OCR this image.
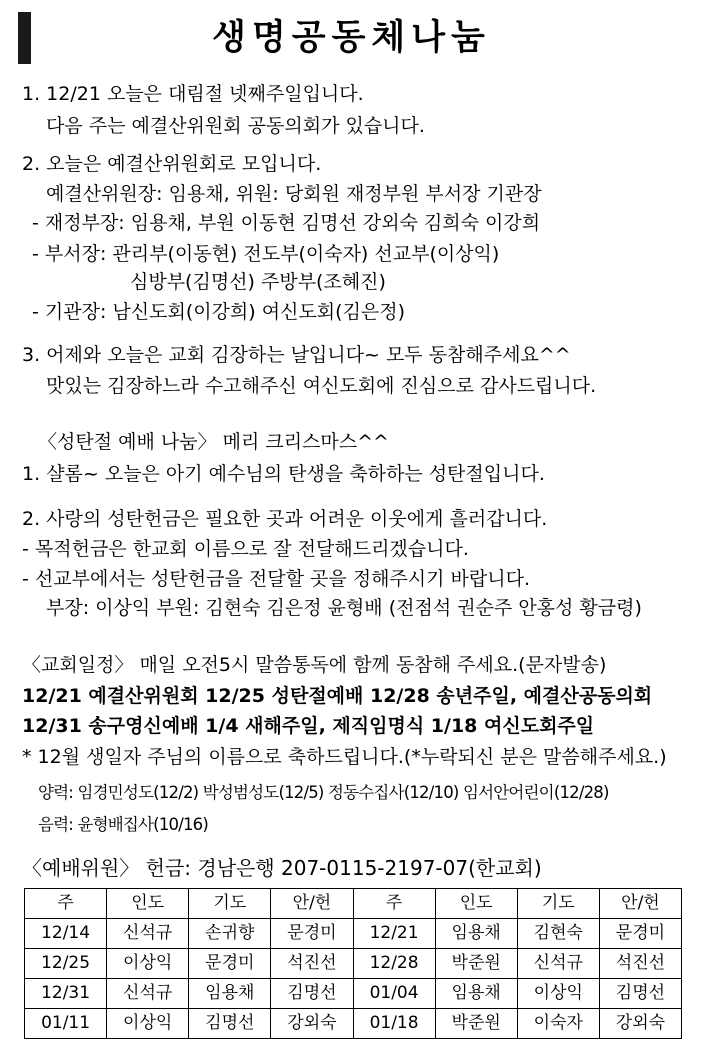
생명공동체나눔
1. 12/21 오늘은 대림절 넷째주일입니다.
다음 주는 예결산위원회 공동의회가 있습니다.
2. 오늘은 예결산위원회로 모입니다.
예결산위원장: 임용채, 위원: 당회원 재정부원 부서장 기관장
- 재정부장: 임용채, 부원 이동현 김명선 강외숙 김희숙 이강희
- 부서장: 관리부(이동현) 전도부(이숙자) 선교부(이상익)
심방부(김명선) 주방부(조혜진)
- 기관장: 남신도회(이강희) 여신도회(김은정)
3. 어제와 오늘은 교회 김장하는 날입니다~ 모두 동참해주세요^^
맛있는 김장하느라 수고해주신 여신도회에 진심으로 감사드립니다.
〈성탄절 예배 나눔〉 메리 크리스마스^^
1. 샬롬~ 오늘은 아기 예수님의 탄생을 축하하는 성탄절입니다.
2. 사랑의 성탄헌금은 필요한 곳과 어려운 이웃에게 흘러갑니다.
- 목적헌금은 한교회 이름으로 잘 전달해드리겠습니다.
- 선교부에서는 성탄헌금을 전달할 곳을 정해주시기 바랍니다.
부장: 이상익 부원: 김현숙 김은정 윤형배 (전점석 권순주 안홍성 황금령)
〈교회일정〉 매일 오전5시 말씀통독에 함께 동참해 주세요.(문자발송)
12/21 예결산위원회 12/25 성탄절예배 12/28 송년주일, 예결산공동의회
12/31 송구영신예배 1/4 새해주일, 제직임명식 1/18 여신도회주일
* 12월 생일자 주님의 이름으로 축하드립니다.(*누락되신 분은 말씀해주세요.)
양력: 임경민성도(12/2) 박성범성도(12/5) 정동수집사(12/10) 임서안어린이(12/28)
음력: 윤형배집사(10/16)
〈예배위원〉 헌금: 경남은행 207-0115-2197-07(한교회)
주	인도	기도	안/헌	주	인도	기도	안/헌
12/14	신석규	손귀향	문경미	12/21	임용채	김현숙	문경미
12/25	이상익	문경미	석진선	12/28	박준원	신석규	석진선
12/31	신석규	임용채	김명선	01/04	임용채	이상익	김명선
01/11	이상익	김명선	강외숙	01/18	박준원	이숙자	강외숙
